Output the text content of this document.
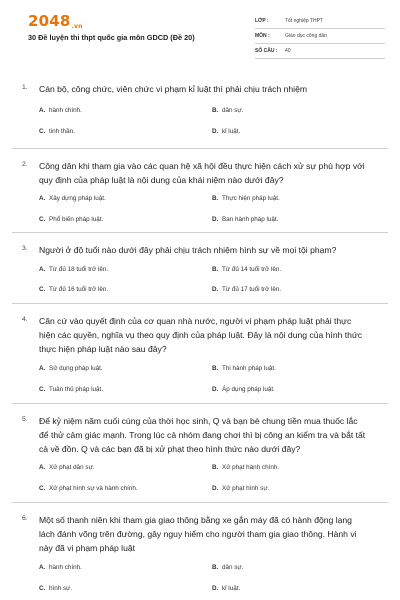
2048.vn
30 Đề luyện thi thpt quốc gia môn GDCD (Đề 20)
LỚP :	Tốt nghiệp THPT
MÔN :	Giáo dục công dân
SỐ CÂU : 40
1. Cán bộ, công chức, viên chức vi phạm kỉ luật thì phải chịu trách nhiệm
A. hành chính.	B. dân sự.
C. tinh thần.	D. kỉ luật.
2. Công dân khi tham gia vào các quan hệ xã hội đều thực hiện cách xử sự phù hợp với quy định của pháp luật là nội dung của khái niệm nào dưới đây?
A. Xây dựng pháp luật.	B. Thực hiện pháp luật.
C. Phổ biến pháp luật.	D. Ban hành pháp luật.
3. Người ở độ tuổi nào dưới đây phải chịu trách nhiệm hình sự về mọi tội phạm?
A. Từ đủ 18 tuổi trở lên.	B. Từ đủ 14 tuổi trở lên.
C. Từ đủ 16 tuổi trở lên.	D. Từ đủ 17 tuổi trở lên.
4. Căn cứ vào quyết định của cơ quan nhà nước, người vi phạm pháp luật phải thực hiện các quyền, nghĩa vụ theo quy định của pháp luật. Đây là nội dung của hình thức thực hiện pháp luật nào sau đây?
A. Sử dụng pháp luật.	B. Thi hành pháp luật.
C. Tuân thủ pháp luật.	D. Áp dụng pháp luật.
5. Để kỷ niệm năm cuối cùng của thời học sinh, Q và bạn bè chung tiền mua thuốc lắc để thử cảm giác mạnh. Trong lúc cả nhóm đang chơi thì bị công an kiểm tra và bắt tất cả về đồn. Q và các bạn đã bị xử phạt theo hình thức nào dưới đây?
A. Xử phạt dân sự.	B. Xử phạt hành chính.
C. Xử phạt hình sự và hành chính.	D. Xử phạt hình sự.
6. Một số thanh niên khi tham gia giao thông bằng xe gắn máy đã có hành động lạng lách đánh võng trên đường, gây nguy hiểm cho người tham gia giao thông. Hành vi này đã vi phạm pháp luật
A. hành chính.	B. dân sự.
C. hình sự.	D. kỉ luật.
